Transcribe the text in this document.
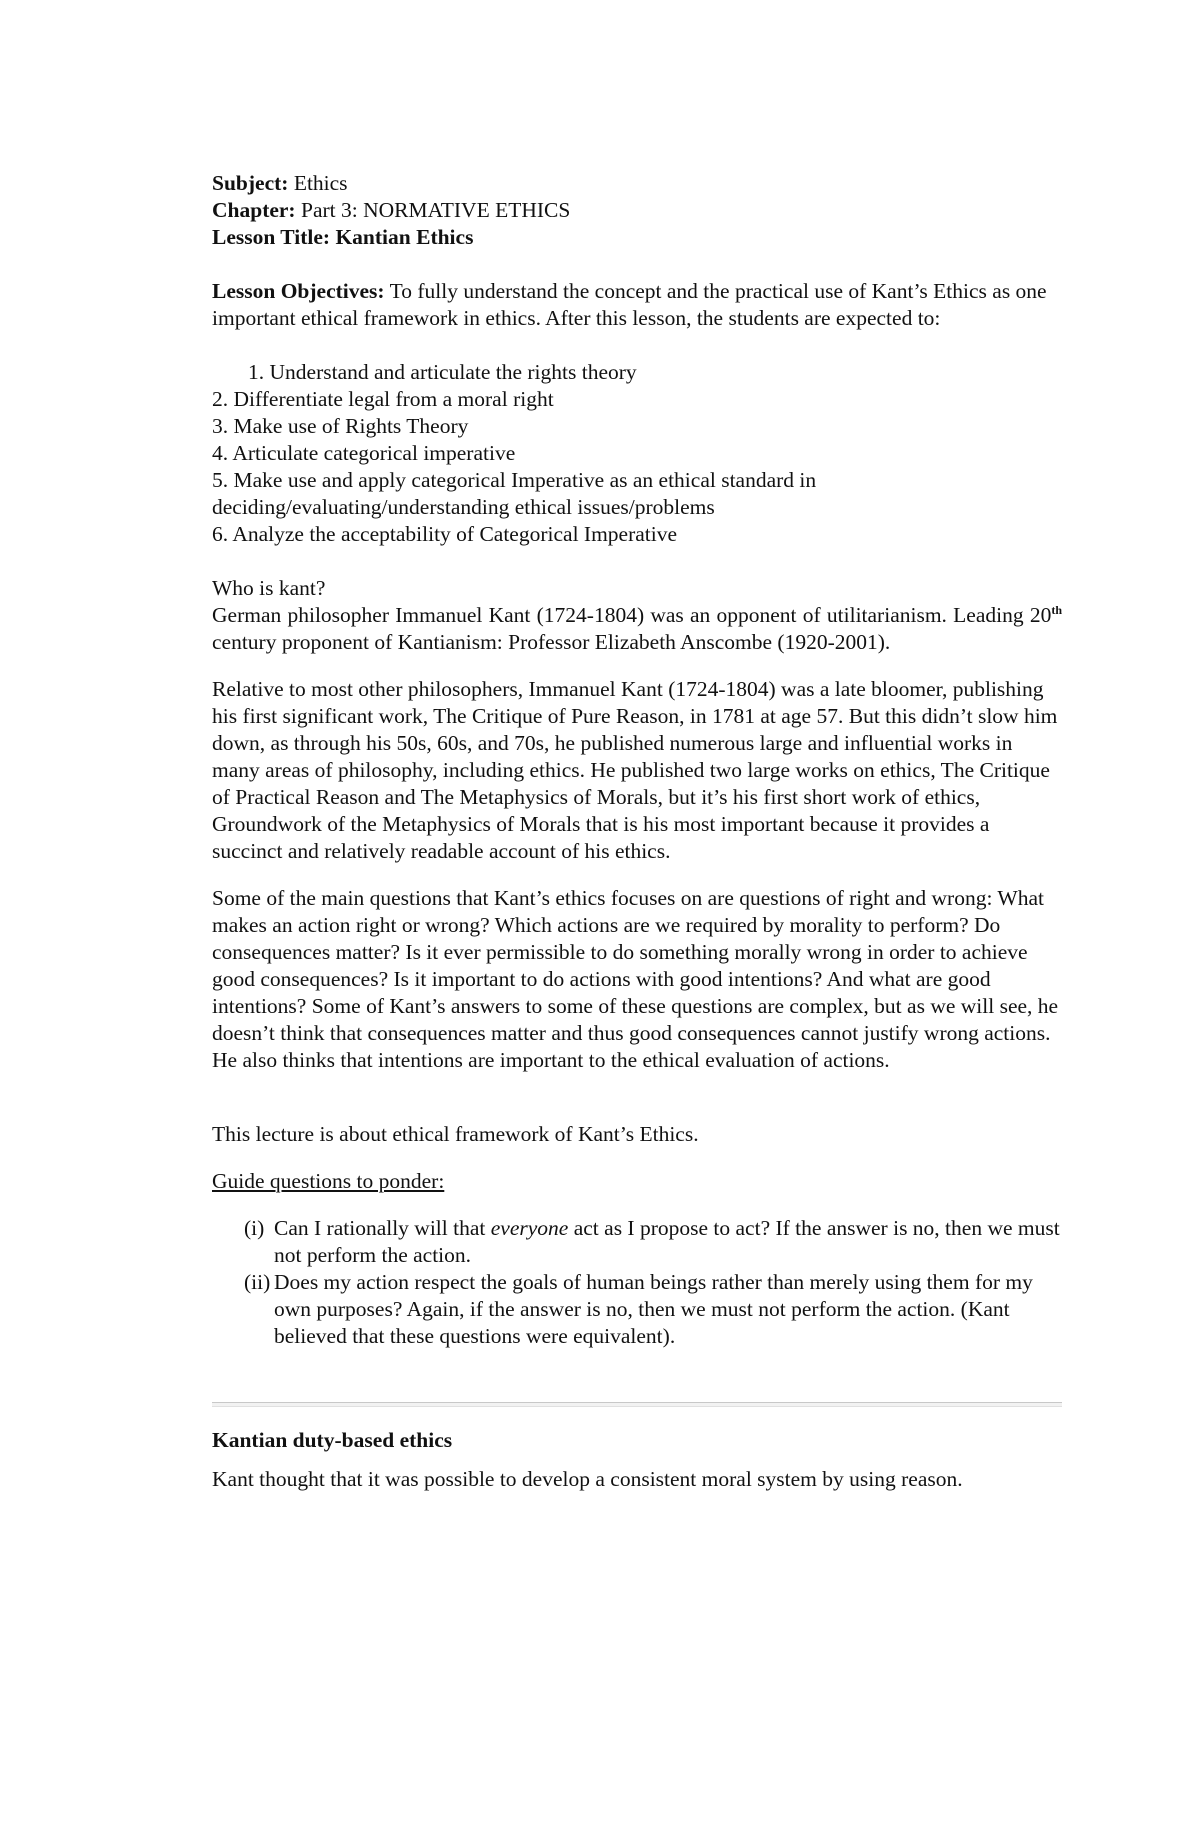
Subject: Ethics

Chapter: Part 3: NORMATIVE ETHICS

Lesson Title: Kantian Ethics

Lesson Objectives: To fully understand the concept and the practical use of Kant’s Ethics as one important ethical framework in ethics. After this lesson, the students are expected to:

1. Understand and articulate the rights theory
2. Differentiate legal from a moral right
3. Make use of Rights Theory
4. Articulate categorical imperative
5. Make use and apply categorical Imperative as an ethical standard in deciding/evaluating/understanding ethical issues/problems
6. Analyze the acceptability of Categorical Imperative

Who is kant?

German philosopher Immanuel Kant (1724-1804) was an opponent of utilitarianism. Leading 20th century proponent of Kantianism: Professor Elizabeth Anscombe (1920-2001).

Relative to most other philosophers, Immanuel Kant (1724-1804) was a late bloomer, publishing his first significant work, The Critique of Pure Reason, in 1781 at age 57. But this didn’t slow him down, as through his 50s, 60s, and 70s, he published numerous large and influential works in many areas of philosophy, including ethics. He published two large works on ethics, The Critique of Practical Reason and The Metaphysics of Morals, but it’s his first short work of ethics, Groundwork of the Metaphysics of Morals that is his most important because it provides a succinct and relatively readable account of his ethics.

Some of the main questions that Kant’s ethics focuses on are questions of right and wrong: What makes an action right or wrong? Which actions are we required by morality to perform? Do consequences matter? Is it ever permissible to do something morally wrong in order to achieve good consequences? Is it important to do actions with good intentions? And what are good intentions? Some of Kant’s answers to some of these questions are complex, but as we will see, he doesn’t think that consequences matter and thus good consequences cannot justify wrong actions. He also thinks that intentions are important to the ethical evaluation of actions.

This lecture is about ethical framework of Kant’s Ethics.

Guide questions to ponder:

(i) Can I rationally will that everyone act as I propose to act? If the answer is no, then we must not perform the action.
(ii) Does my action respect the goals of human beings rather than merely using them for my own purposes? Again, if the answer is no, then we must not perform the action. (Kant believed that these questions were equivalent).

Kantian duty-based ethics

Kant thought that it was possible to develop a consistent moral system by using reason.
